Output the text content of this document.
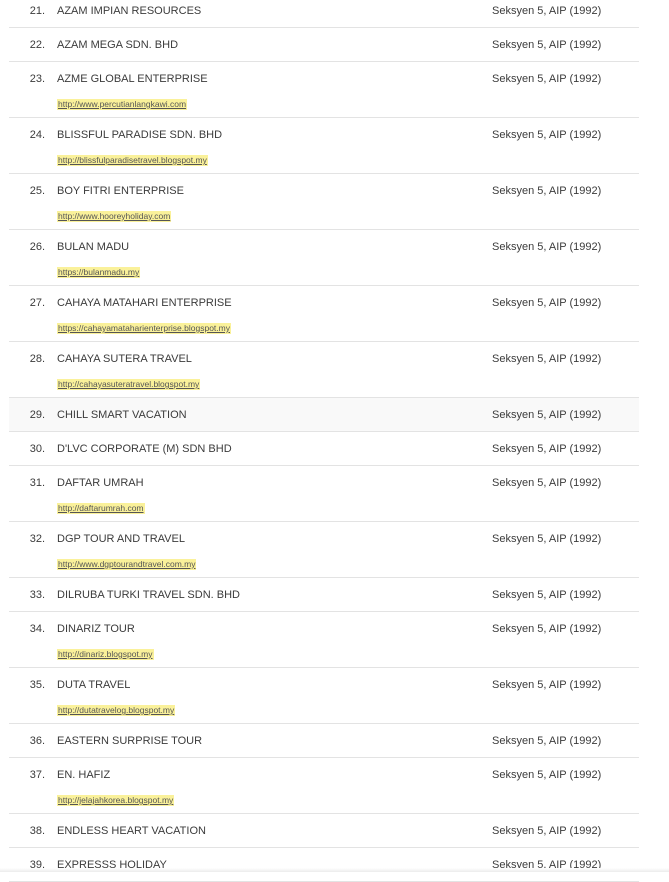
21. AZAM IMPIAN RESOURCES	Seksyen 5, AIP (1992)
22. AZAM MEGA SDN. BHD	Seksyen 5, AIP (1992)
23. AZME GLOBAL ENTERPRISE
http://www.percutianlangkawi.com
Seksyen 5, AIP (1992)
24. BLISSFUL PARADISE SDN. BHD
http://blissfulparadisetravel.blogspot.my
Seksyen 5, AIP (1992)
25. BOY FITRI ENTERPRISE
http://www.hooreyholiday.com
Seksyen 5, AIP (1992)
26. BULAN MADU
https://bulanmadu.my
Seksyen 5, AIP (1992)
27. CAHAYA MATAHARI ENTERPRISE
https://cahayamataharienterprise.blogspot.my
Seksyen 5, AIP (1992)
28. CAHAYA SUTERA TRAVEL
http://cahayasuteratravel.blogspot.my
Seksyen 5, AIP (1992)
29. CHILL SMART VACATION	Seksyen 5, AIP (1992)
30. D'LVC CORPORATE (M) SDN BHD	Seksyen 5, AIP (1992)
31. DAFTAR UMRAH
http://daftarumrah.com
Seksyen 5, AIP (1992)
32. DGP TOUR AND TRAVEL
http://www.dgptourandtravel.com.my
Seksyen 5, AIP (1992)
33. DILRUBA TURKI TRAVEL SDN. BHD	Seksyen 5, AIP (1992)
34. DINARIZ TOUR
http://dinariz.blogspot.my
Seksyen 5, AIP (1992)
35. DUTA TRAVEL
http://dutatravelog.blogspot.my
Seksyen 5, AIP (1992)
36. EASTERN SURPRISE TOUR	Seksyen 5, AIP (1992)
37. EN. HAFIZ
http://jelajahkorea.blogspot.my
Seksyen 5, AIP (1992)
38. ENDLESS HEART VACATION	Seksyen 5, AIP (1992)
39. EXPRESSS HOLIDAY	Seksyen 5, AIP (1992)
